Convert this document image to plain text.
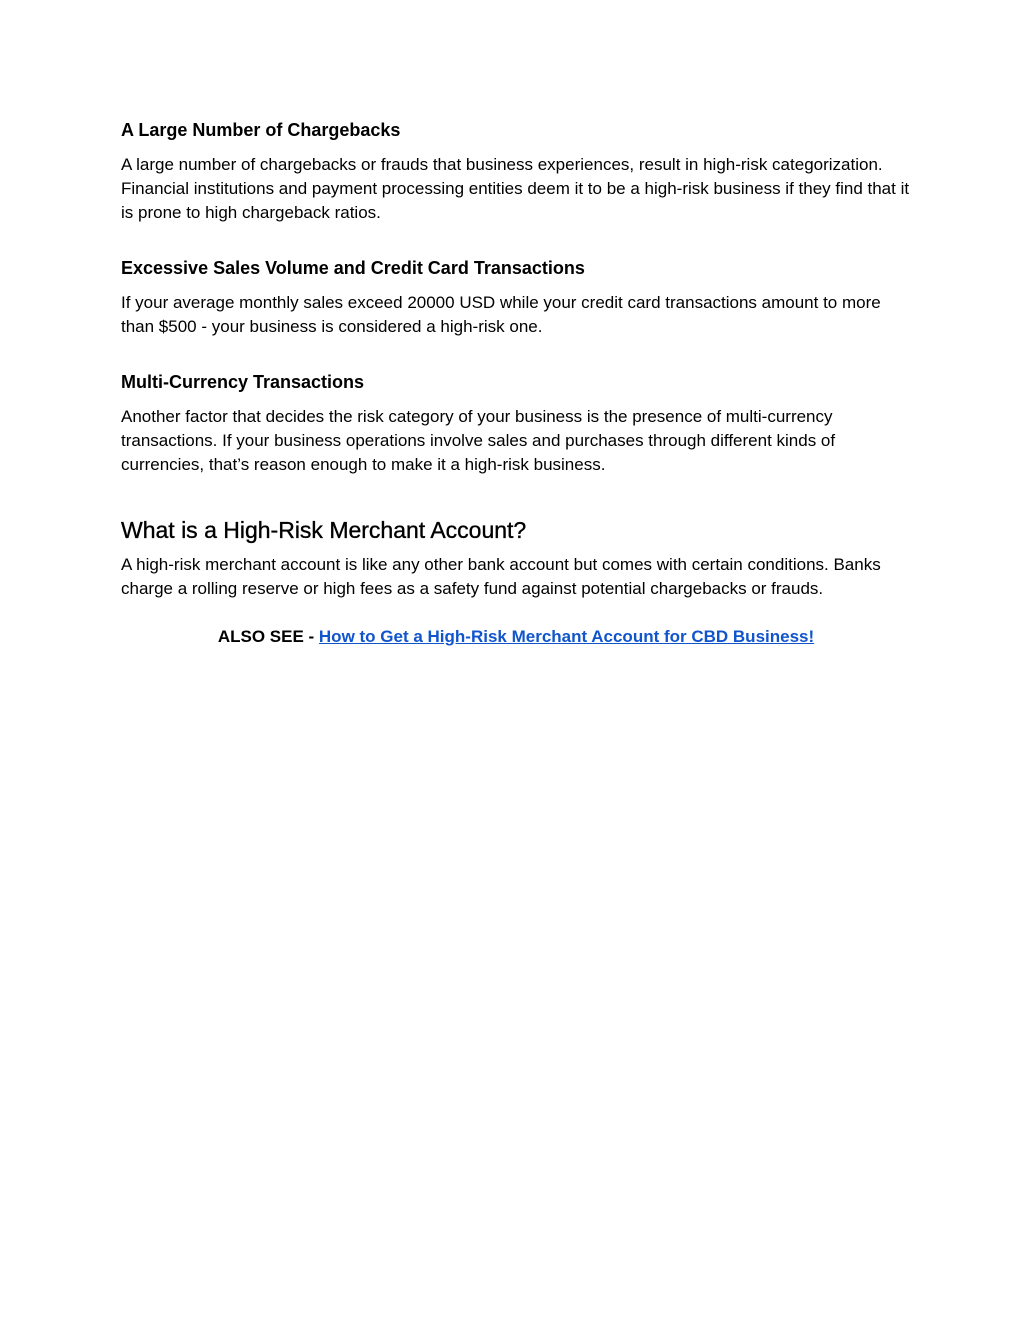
A Large Number of Chargebacks

A large number of chargebacks or frauds that business experiences, result in high-risk categorization. Financial institutions and payment processing entities deem it to be a high-risk business if they find that it is prone to high chargeback ratios.

Excessive Sales Volume and Credit Card Transactions

If your average monthly sales exceed 20000 USD while your credit card transactions amount to more than $500 - your business is considered a high-risk one.

Multi-Currency Transactions

Another factor that decides the risk category of your business is the presence of multi-currency transactions. If your business operations involve sales and purchases through different kinds of currencies, that’s reason enough to make it a high-risk business.

What is a High-Risk Merchant Account?

A high-risk merchant account is like any other bank account but comes with certain conditions. Banks charge a rolling reserve or high fees as a safety fund against potential chargebacks or frauds.

ALSO SEE - How to Get a High-Risk Merchant Account for CBD Business!
